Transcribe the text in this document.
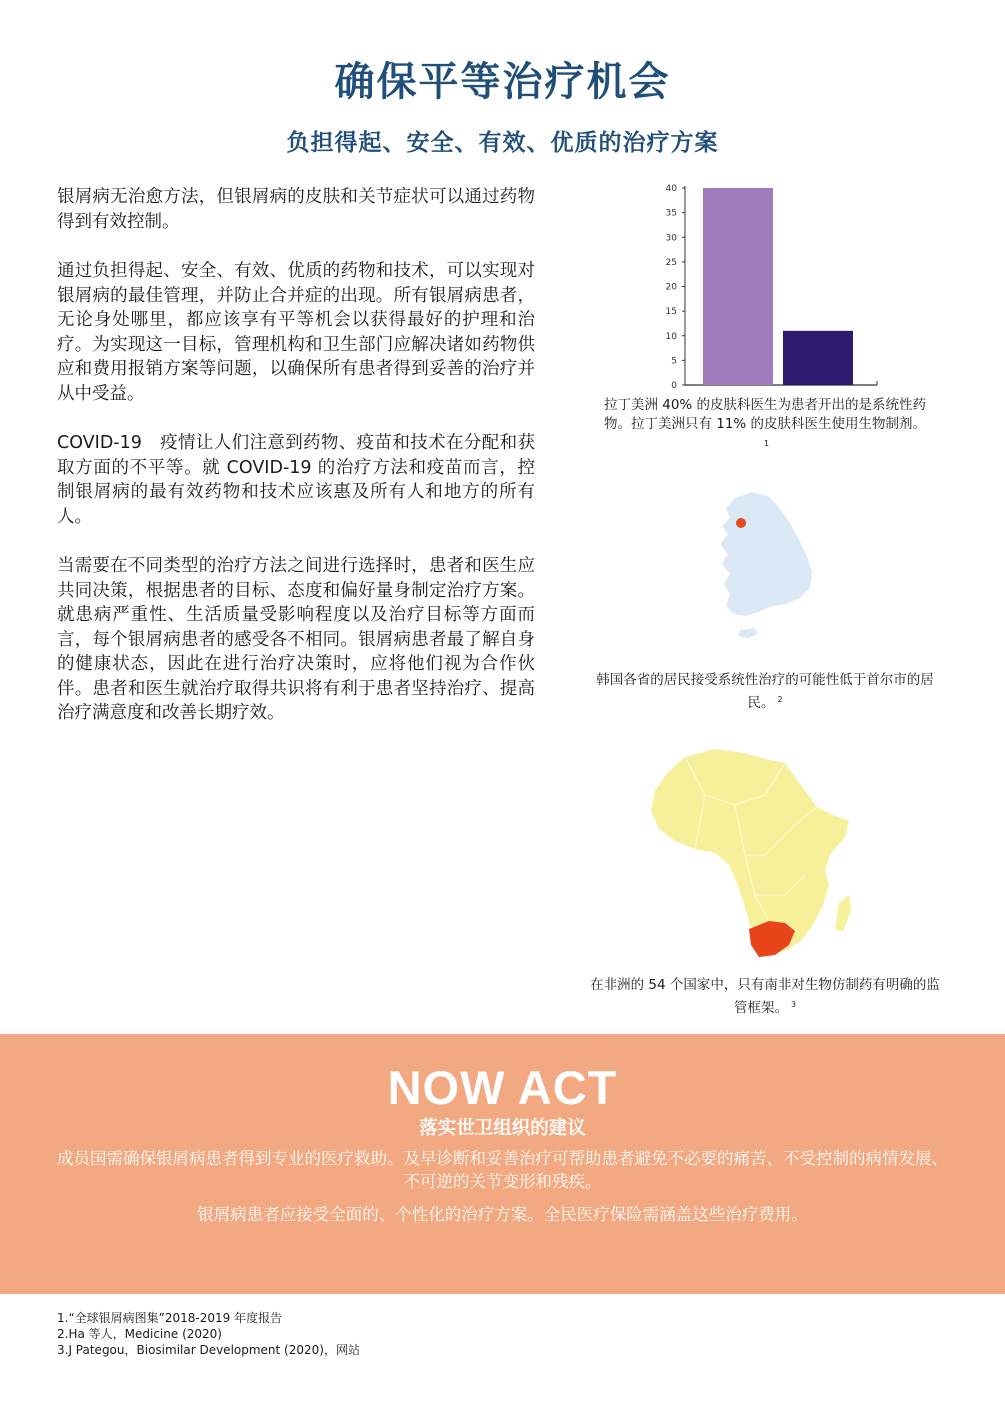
确保平等治疗机会
负担得起、安全、有效、优质的治疗方案

银屑病无治愈方法，但银屑病的皮肤和关节症状可以通过药物得到有效控制。

通过负担得起、安全、有效、优质的药物和技术，可以实现对银屑病的最佳管理，并防止合并症的出现。所有银屑病患者，无论身处哪里，都应该享有平等机会以获得最好的护理和治疗。为实现这一目标，管理机构和卫生部门应解决诸如药物供应和费用报销方案等问题，以确保所有患者得到妥善的治疗并从中受益。

COVID-19　疫情让人们注意到药物、疫苗和技术在分配和获取方面的不平等。就 COVID-19 的治疗方法和疫苗而言，控制银屑病的最有效药物和技术应该惠及所有人和地方的所有人。

当需要在不同类型的治疗方法之间进行选择时，患者和医生应共同决策，根据患者的目标、态度和偏好量身制定治疗方案。就患病严重性、生活质量受影响程度以及治疗目标等方面而言，每个银屑病患者的感受各不相同。银屑病患者最了解自身的健康状态，因此在进行治疗决策时，应将他们视为合作伙伴。患者和医生就治疗取得共识将有利于患者坚持治疗、提高治疗满意度和改善长期疗效。

0
5
10
15
20
25
30
35
40
拉丁美洲 40% 的皮肤科医生为患者开出的是系统性药物。拉丁美洲只有 11% 的皮肤科医生使用生物制剂。$^1$
韩国各省的居民接受系统性治疗的可能性低于首尔市的居民。 $^2$
在非洲的 54 个国家中，只有南非对生物仿制药有明确的监管框架。 $^3$
NOW ACT
落实世卫组织的建议

成员国需确保银屑病患者得到专业的医疗救助。及早诊断和妥善治疗可帮助患者避免不必要的痛苦、不受控制的病情发展、不可逆的关节变形和残疾。

银屑病患者应接受全面的、个性化的治疗方案。全民医疗保险需涵盖这些治疗费用。

1.“全球银屑病图集”2018-2019 年度报告
2.Ha 等人，Medicine (2020)
3.J Pategou，Biosimilar Development (2020)，网站
